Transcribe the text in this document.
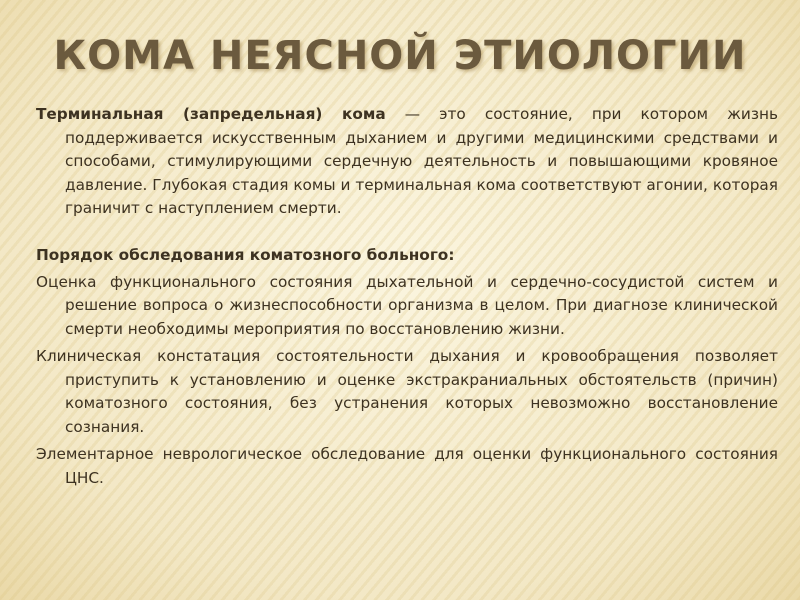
КОМА НЕЯСНОЙ ЭТИОЛОГИИ

Терминальная (запредельная) кома — это состояние, при котором жизнь поддерживается искусственным дыханием и другими медицинскими средствами и способами, стимулирующими сердечную деятельность и повышающими кровяное давление. Глубокая стадия комы и терминальная кома соответствуют агонии, которая граничит с наступлением смерти.

Порядок обследования коматозного больного:

Оценка функционального состояния дыхательной и сердечно-сосудистой систем и решение вопроса о жизнеспособности организма в целом. При диагнозе клинической смерти необходимы мероприятия по восстановлению жизни.

Клиническая констатация состоятельности дыхания и кровообращения позволяет приступить к установлению и оценке экстракраниальных обстоятельств (причин) коматозного состояния, без устранения которых невозможно восстановление сознания.

Элементарное неврологическое обследование для оценки функционального состояния ЦНС.
